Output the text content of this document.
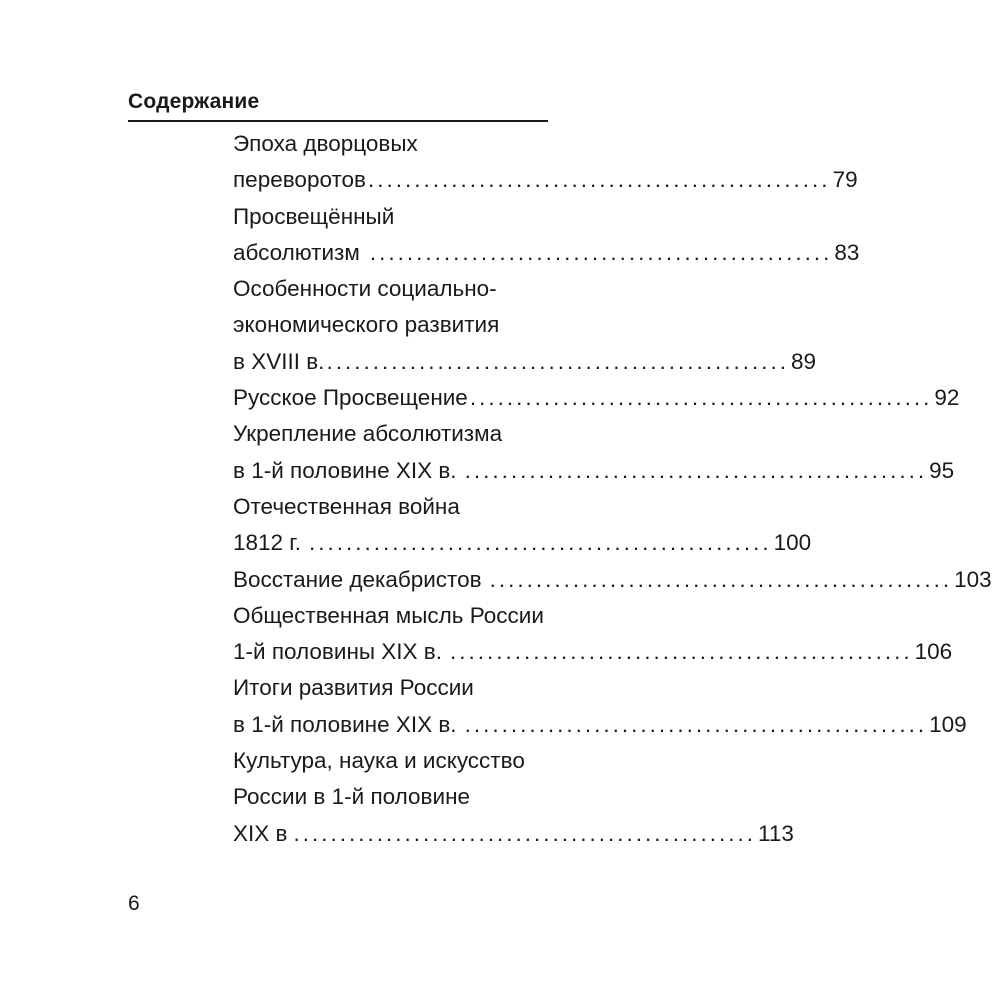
Содержание
Эпоха дворцовых
переворотов .................................................. 79
Просвещённый
абсолютизм .................................................. 83
Особенности социально-
экономического развития
в XVIII в. .................................................. 89
Русское Просвещение .................................................. 92
Укрепление абсолютизма
в 1-й половине XIX в. .................................................. 95
Отечественная война
1812 г. .................................................. 100
Восстание декабристов .................................................. 103
Общественная мысль России
1-й половины XIX в. .................................................. 106
Итоги развития России
в 1-й половине XIX в. .................................................. 109
Культура, наука и искусство
России в 1-й половине
XIX в .................................................. 113
6
